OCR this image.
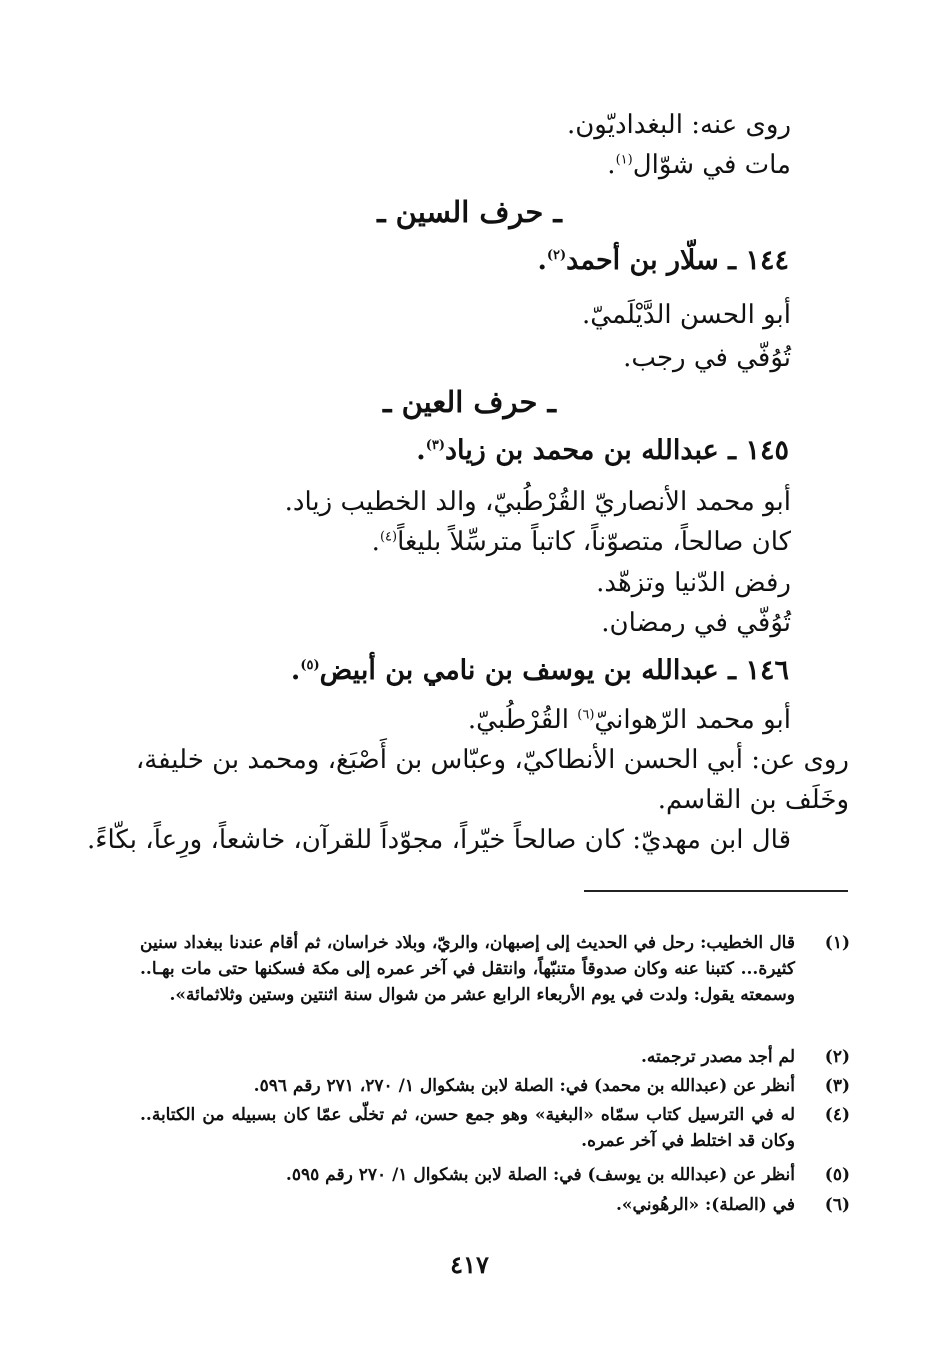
روى عنه: البغداديّون.
مات في شوّال$^{(١)}$.
ـ حرف السين ـ
١٤٤ ـ سلّار بن أحمد$^{(٢)}$.
أبو الحسن الدَّيْلَميّ.
تُوُفّي في رجب.
ـ حرف العين ـ
١٤٥ ـ عبدالله بن محمد بن زياد$^{(٣)}$.
أبو محمد الأنصاريّ القُرْطُبيّ، والد الخطيب زياد.
كان صالحاً، متصوّناً، كاتباً مترسِّلاً بليغاً$^{(٤)}$.
رفض الدّنيا وتزهّد.
تُوُفّي في رمضان.
١٤٦ ـ عبدالله بن يوسف بن نامي بن أبيض$^{(٥)}$.
أبو محمد الرّهوانيّ$^{(٦)}$ القُرْطُبيّ.
روى عن: أبي الحسن الأنطاكيّ، وعبّاس بن أَصْبَغ، ومحمد بن خليفة،
وخَلَف بن القاسم.
قال ابن مهديّ: كان صالحاً خيّراً، مجوّداً للقرآن، خاشعاً، ورِعاً، بكّاءً.
(١)
قال الخطيب: رحل في الحديث إلى إصبهان، والريّ، وبلاد خراسان، ثم أقام عندنا ببغداد سنين كثيرة... كتبنا عنه وكان صدوقاً متنبّهاً، وانتقل في آخر عمره إلى مكة فسكنها حتى مات بهـا.. وسمعته يقول: ولدت في يوم الأربعاء الرابع عشر من شوال سنة اثنتين وستين وثلاثمائة».
(٢)
لم أجد مصدر ترجمته.
(٣)
أنظر عن (عبدالله بن محمد) في: الصلة لابن بشكوال ١/ ٢٧٠، ٢٧١ رقم ٥٩٦.
(٤)
له في الترسيل كتاب سمّاه «البغية» وهو جمع حسن، ثم تخلّى عمّا كان بسبيله من الكتابة.. وكان قد اختلط في آخر عمره.
(٥)
أنظر عن (عبدالله بن يوسف) في: الصلة لابن بشكوال ١/ ٢٧٠ رقم ٥٩٥.
(٦)
في (الصلة): «الرهُوني».
٤١٧
